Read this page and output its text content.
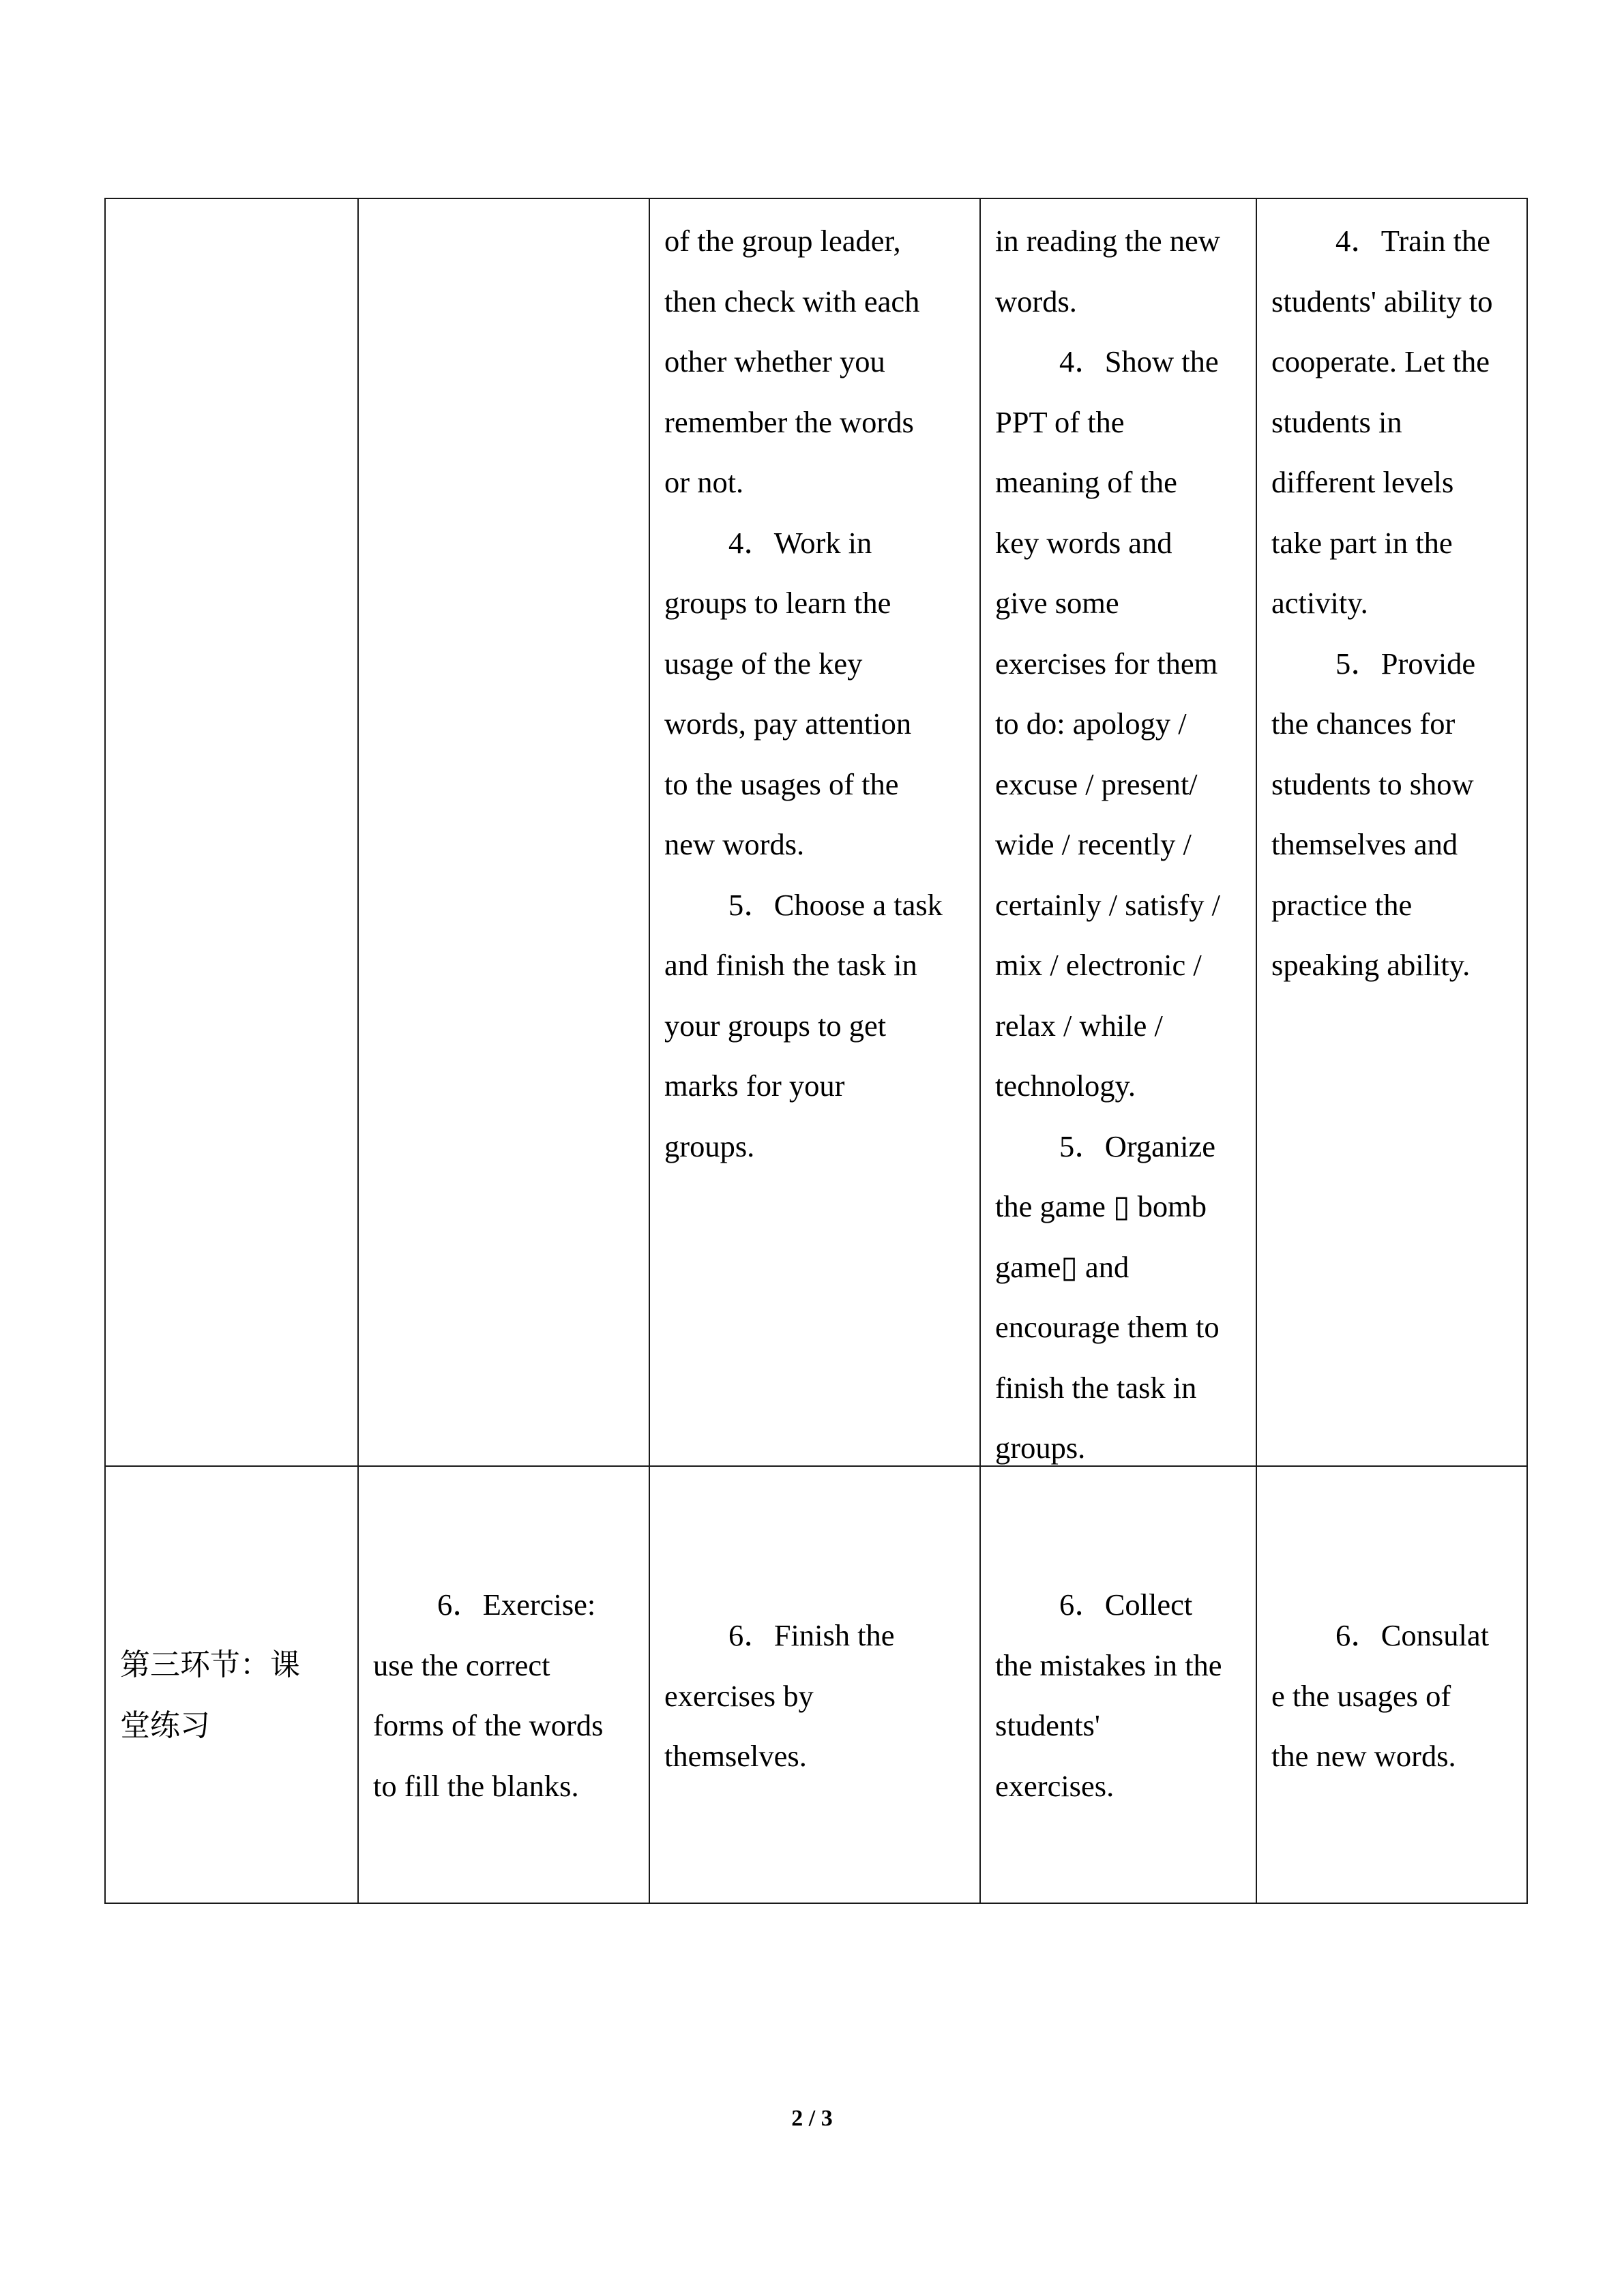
of the group leader,

then check with each

other whether you

remember the words

or not.

4．Work in

groups to learn the

usage of the key

words, pay attention

to the usages of the

new words.

5．Choose a task

and finish the task in

your groups to get

marks for your

groups.

in reading the new

words.

4．Show the

PPT of the

meaning of the

key words and

give some

exercises for them

to do: apology /

excuse / present/

wide / recently /

certainly / satisfy /

mix / electronic /

relax / while /

technology.

5．Organize

the game ▯ bomb

game▯ and

encourage them to

finish the task in

groups.

4．Train the

students' ability to

cooperate. Let the

students in

different levels

take part in the

activity.

5．Provide

the chances for

students to show

themselves and

practice the

speaking ability.

第三环节：课

堂练习

6．Exercise:

use the correct

forms of the words

to fill the blanks.

6．Finish the

exercises by

themselves.

6．Collect

the mistakes in the

students'

exercises.

6．Consulat

e the usages of

the new words.

2 / 3
